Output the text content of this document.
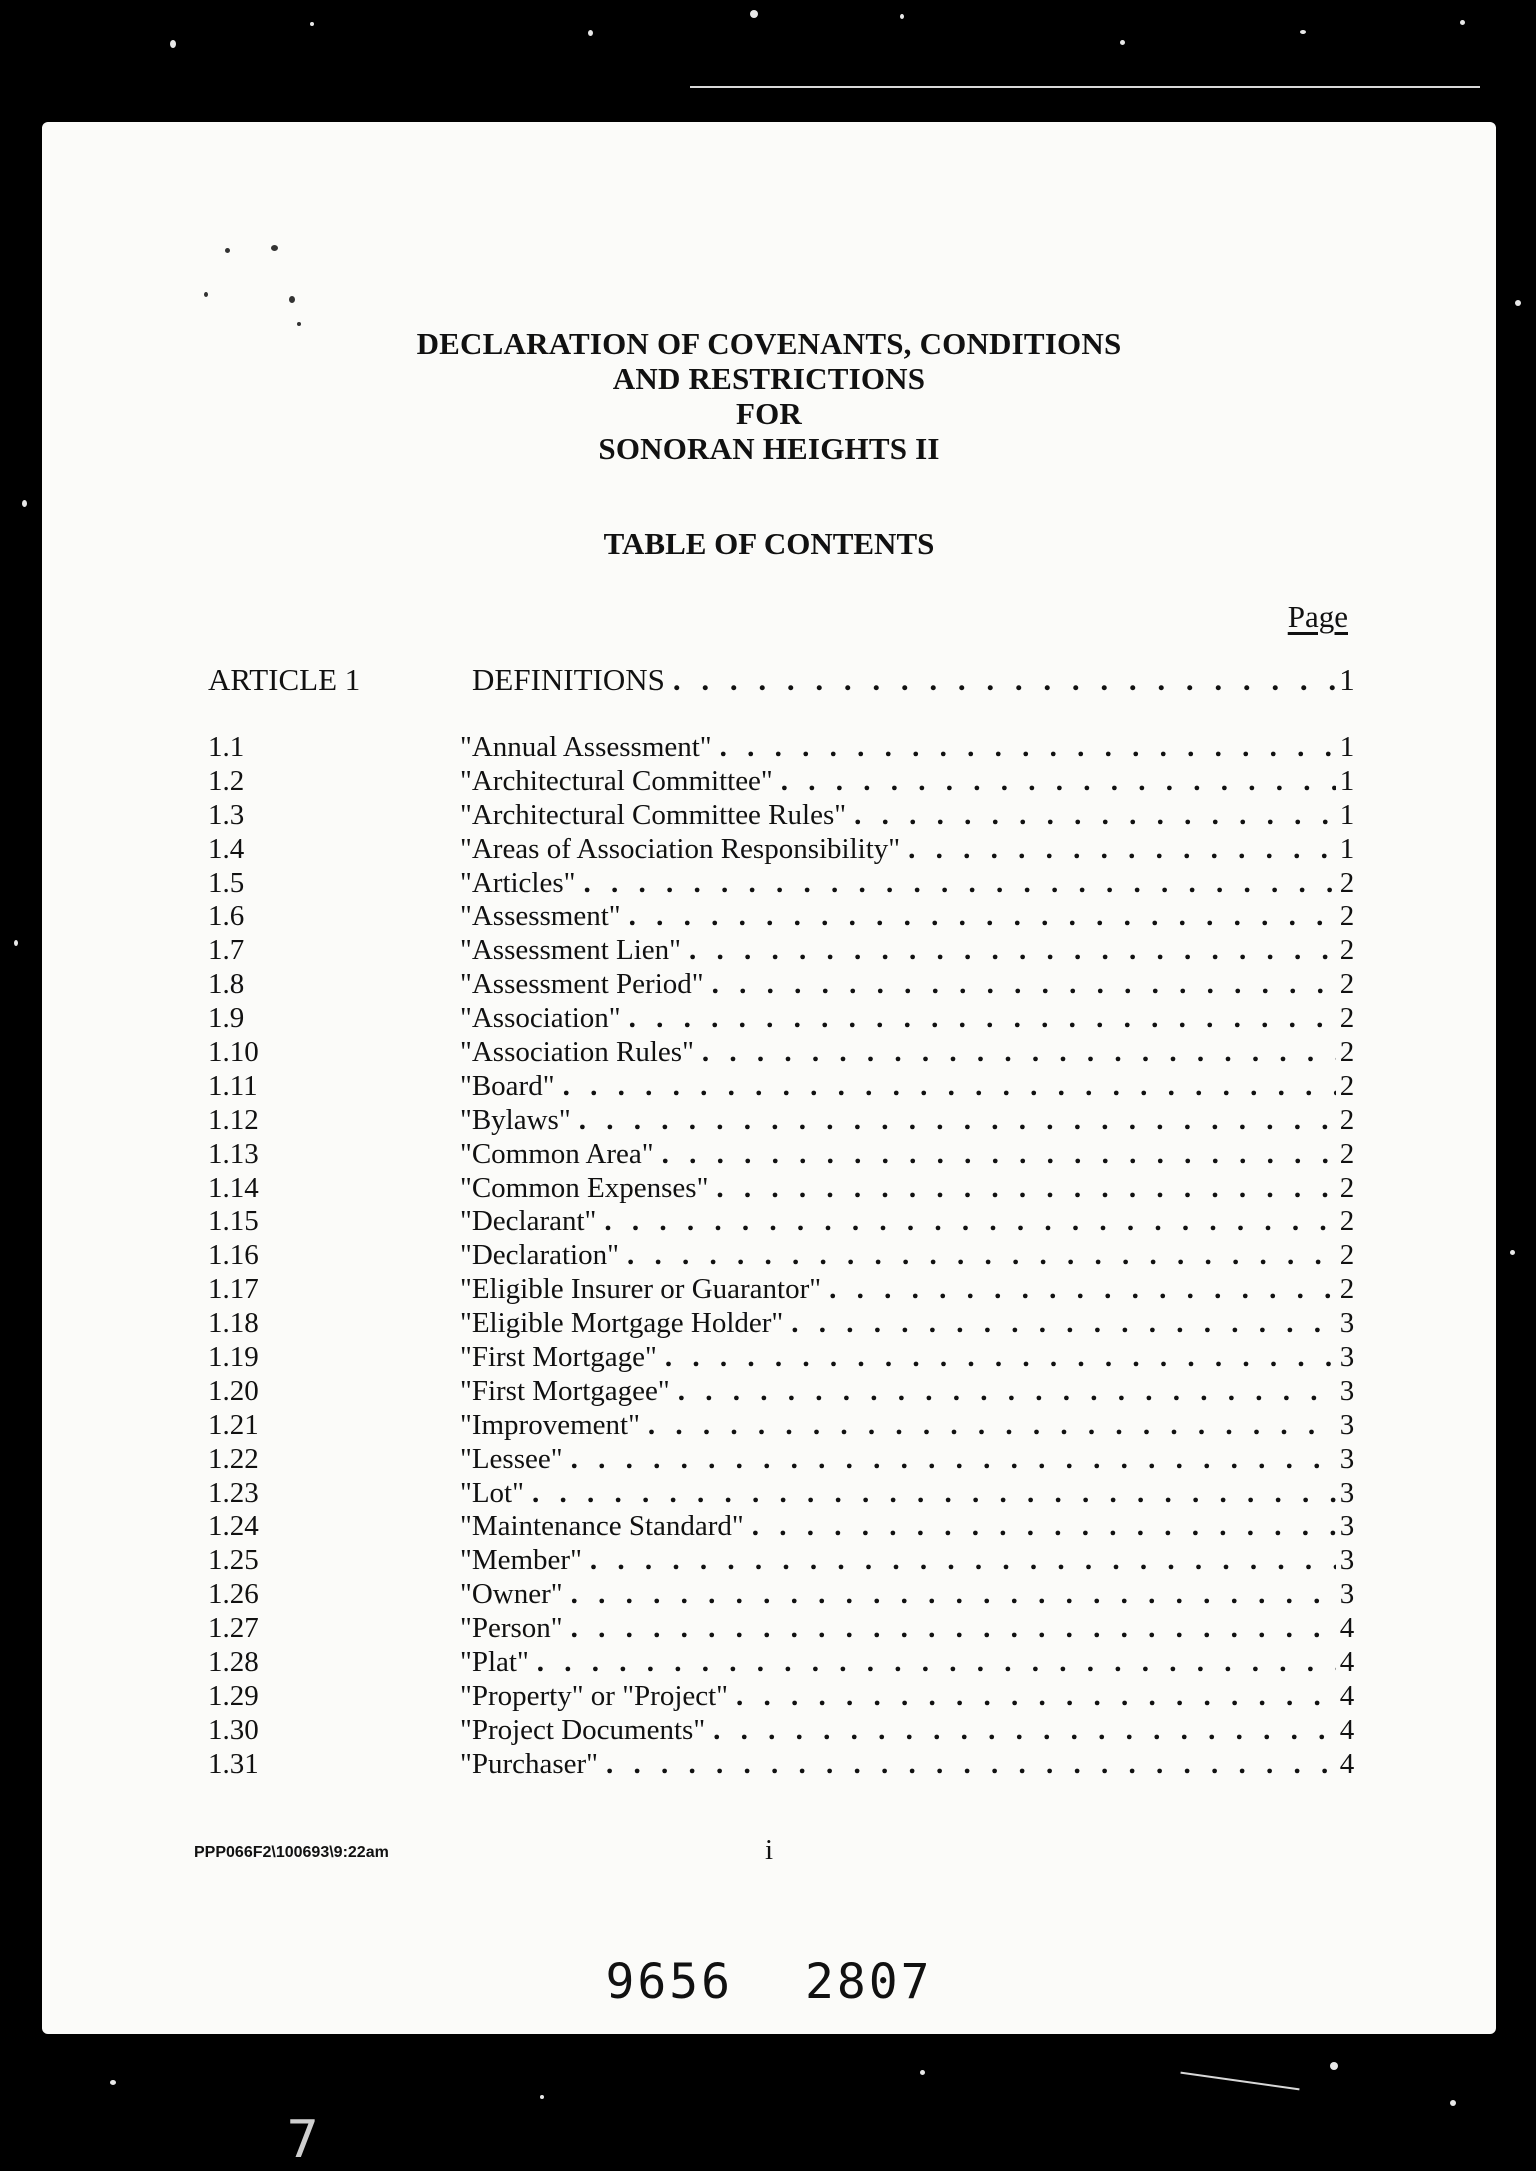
DECLARATION OF COVENANTS, CONDITIONS
AND RESTRICTIONS
FOR
SONORAN HEIGHTS II
TABLE OF CONTENTS
Page
ARTICLE 1	DEFINITIONS . . .	1
1.1	"Annual Assessment" . . .	1
1.2	"Architectural Committee" . . .	1
1.3	"Architectural Committee Rules" . . .	1
1.4	"Areas of Association Responsibility" . . .	1
1.5	"Articles" . . .	2
1.6	"Assessment" . . .	2
1.7	"Assessment Lien" . . .	2
1.8	"Assessment Period" . . .	2
1.9	"Association" . . .	2
1.10	"Association Rules" . . .	2
1.11	"Board" . . .	2
1.12	"Bylaws" . . .	2
1.13	"Common Area" . . .	2
1.14	"Common Expenses" . . .	2
1.15	"Declarant" . . .	2
1.16	"Declaration" . . .	2
1.17	"Eligible Insurer or Guarantor" . . .	2
1.18	"Eligible Mortgage Holder" . . .	3
1.19	"First Mortgage" . . .	3
1.20	"First Mortgagee" . . .	3
1.21	"Improvement" . . .	3
1.22	"Lessee" . . .	3
1.23	"Lot" . . .	3
1.24	"Maintenance Standard" . . .	3
1.25	"Member" . . .	3
1.26	"Owner" . . .	3
1.27	"Person" . . .	4
1.28	"Plat" . . .	4
1.29	"Property" or "Project" . . .	4
1.30	"Project Documents" . . .	4
1.31	"Purchaser" . . .	4
PPP066F2\100693\9:22am	i
9656 2807
7
